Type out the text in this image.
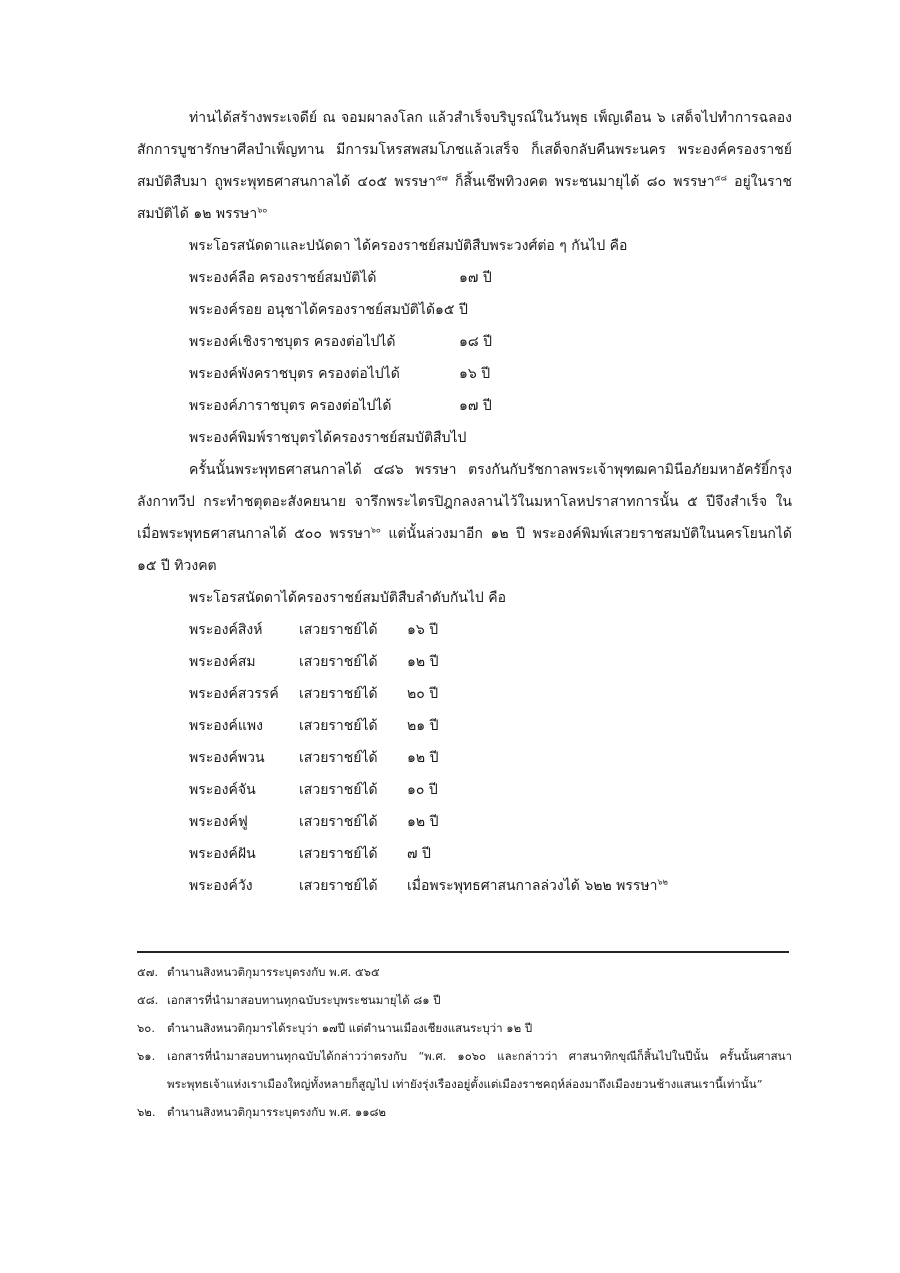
ท่านได้สร้างพระเจดีย์ ณ จอมผาลงโลก แล้วสำเร็จบริบูรณ์ในวันพุธ เพ็ญเดือน ๖ เสด็จไปทำการฉลองสักการบูชารักษาศีลบำเพ็ญทาน มีการมโหรสพสมโภชแล้วเสร็จ ก็เสด็จกลับคืนพระนคร พระองค์ครองราชย์สมบัติสืบมา ถูพระพุทธศาสนกาลได้ ๔๐๕ พรรษา$^{๕๗}$ ก็สิ้นเชีพทิวงคต พระชนมายุได้ ๘๐ พรรษา$^{๕๘}$ อยู่ในราชสมบัติได้ ๑๒ พรรษา$^{๖๐}$

พระโอรสนัดดาและปนัดดา ได้ครองราชย์สมบัติสืบพระวงศ์ต่อ ๆ กันไป คือ

พระองค์ลือ ครองราชย์สมบัติได้	๑๗ ปี
พระองค์รอย อนุชาได้ครองราชย์สมบัติได้๑๕ ปี
พระองค์เชิงราชบุตร ครองต่อไปได้	๑๘ ปี
พระองค์พังคราชบุตร ครองต่อไปได้	๑๖ ปี
พระองค์ภาราชบุตร ครองต่อไปได้	๑๗ ปี

พระองค์พิมพ์ราชบุตรได้ครองราชย์สมบัติสืบไป

ครั้นนั้นพระพุทธศาสนกาลได้ ๔๘๖ พรรษา ตรงกันกับรัชกาลพระเจ้าพุฑฒคามินีอภัยมหาอัครัยิ์กรุงลังกาทวีป กระทำชตุตอะสังคยนาย จารึกพระไตรปิฎกลงลานไว้ในมหาโลหปราสาทการนั้น ๕ ปีจึงสำเร็จ ในเมื่อพระพุทธศาสนกาลได้ ๕๐๐ พรรษา$^{๖๐}$ แต่นั้นล่วงมาอีก ๑๒ ปี พระองค์พิมพ์เสวยราชสมบัติในนครโยนกได้ ๑๕ ปี ทิวงคต

พระโอรสนัดดาได้ครองราชย์สมบัติสืบลำดับกันไป คือ

พระองค์สิงห์	เสวยราชย์ได้	๑๖ ปี
พระองค์สม	เสวยราชย์ได้	๑๒ ปี
พระองค์สวรรค์	เสวยราชย์ได้	๒๐ ปี
พระองค์แพง	เสวยราชย์ได้	๒๑ ปี
พระองค์พวน	เสวยราชย์ได้	๑๒ ปี
พระองค์จัน	เสวยราชย์ได้	๑๐ ปี
พระองค์ฟู	เสวยราชย์ได้	๑๒ ปี
พระองค์ฝัน	เสวยราชย์ได้	๗ ปี
พระองค์วัง	เสวยราชย์ได้	เมื่อพระพุทธศาสนกาลล่วงได้ ๖๒๒ พรรษา$^{๖๒}$

๕๗. ตำนานสิงหนวติกุมารระบุตรงกับ พ.ศ. ๕๖๕

๕๘. เอกสารที่นำมาสอบทานทุกฉบับระบุพระชนมายุได้ ๘๑ ปี

๖๐.	ตำนานสิงหนวติกุมารได้ระบุว่า ๑๗ปี แต่ตำนานเมืองเชียงแสนระบุว่า ๑๒ ปี

๖๑.	เอกสารที่นำมาสอบทานทุกฉบับได้กล่าวว่าตรงกับ “พ.ศ. ๑๐๖๐ และกล่าวว่า ศาสนาทิกขุณีก็สิ้นไปในปีนั้น ครั้นนั้นศาสนาพระพุทธเจ้าแห่งเราเมืองใหญ่ทั้งหลายก็สูญไป เท่ายังรุ่งเรืองอยู่ตั้งแต่เมืองราชคฤห์ล่องมาถึงเมืองยวนช้างแสนเรานี้เท่านั้น”

๖๒. ตำนานสิงหนวติกุมารระบุตรงกับ พ.ศ. ๑๑๘๒
